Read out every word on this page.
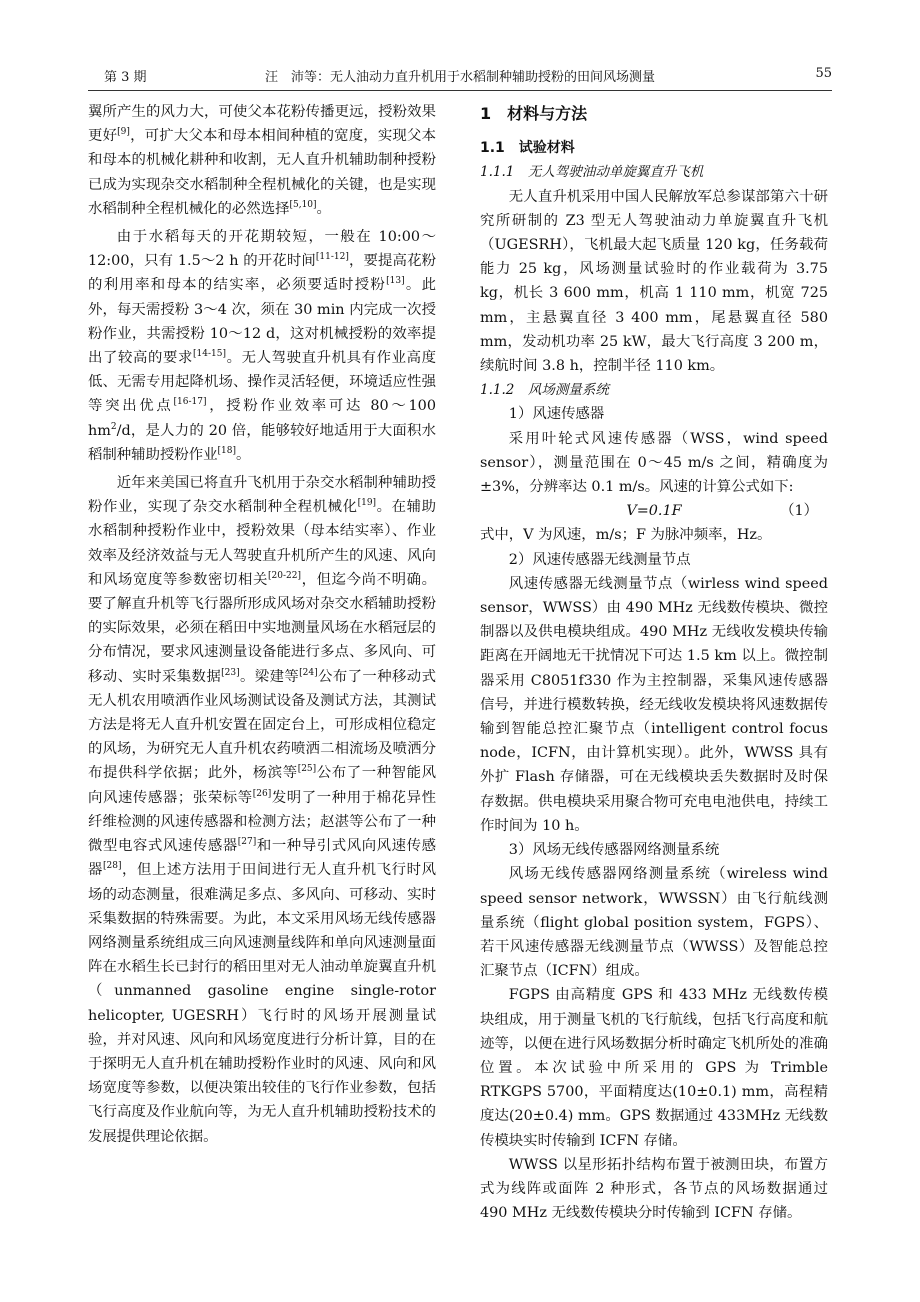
第 3 期	汪　沛等：无人油动力直升机用于水稻制种辅助授粉的田间风场测量	55

翼所产生的风力大，可使父本花粉传播更远，授粉效果更好[9]，可扩大父本和母本相间种植的宽度，实现父本和母本的机械化耕种和收割，无人直升机辅助制种授粉已成为实现杂交水稻制种全程机械化的关键，也是实现水稻制种全程机械化的必然选择[5,10]。

由于水稻每天的开花期较短，一般在 10:00～12:00，只有 1.5～2 h 的开花时间[11-12]，要提高花粉的利用率和母本的结实率，必须要适时授粉[13]。此外，每天需授粉 3～4 次，须在 30 min 内完成一次授粉作业，共需授粉 10～12 d，这对机械授粉的效率提出了较高的要求[14-15]。无人驾驶直升机具有作业高度低、无需专用起降机场、操作灵活轻便，环境适应性强等突出优点[16-17]，授粉作业效率可达 80～100 $hm^2/d$，是人力的 20 倍，能够较好地适用于大面积水稻制种辅助授粉作业[18]。

近年来美国已将直升飞机用于杂交水稻制种辅助授粉作业，实现了杂交水稻制种全程机械化[19]。在辅助水稻制种授粉作业中，授粉效果（母本结实率）、作业效率及经济效益与无人驾驶直升机所产生的风速、风向和风场宽度等参数密切相关[20-22]，但迄今尚不明确。要了解直升机等飞行器所形成风场对杂交水稻辅助授粉的实际效果，必须在稻田中实地测量风场在水稻冠层的分布情况，要求风速测量设备能进行多点、多风向、可移动、实时采集数据[23]。梁建等[24]公布了一种移动式无人机农用喷洒作业风场测试设备及测试方法，其测试方法是将无人直升机安置在固定台上，可形成相位稳定的风场，为研究无人直升机农药喷洒二相流场及喷洒分布提供科学依据；此外，杨滨等[25]公布了一种智能风向风速传感器；张荣标等[26]发明了一种用于棉花异性纤维检测的风速传感器和检测方法；赵湛等公布了一种微型电容式风速传感器[27]和一种导引式风向风速传感器[28]，但上述方法用于田间进行无人直升机飞行时风场的动态测量，很难满足多点、多风向、可移动、实时采集数据的特殊需要。为此，本文采用风场无线传感器网络测量系统组成三向风速测量线阵和单向风速测量面阵在水稻生长已封行的稻田里对无人油动单旋翼直升机（unmanned gasoline engine single-rotor helicopter, UGESRH）飞行时的风场开展测量试验，并对风速、风向和风场宽度进行分析计算，目的在于探明无人直升机在辅助授粉作业时的风速、风向和风场宽度等参数，以便决策出较佳的飞行作业参数，包括飞行高度及作业航向等，为无人直升机辅助授粉技术的发展提供理论依据。

1　材料与方法

1.1　试验材料

1.1.1　无人驾驶油动单旋翼直升飞机

无人直升机采用中国人民解放军总参谋部第六十研究所研制的 Z3 型无人驾驶油动力单旋翼直升飞机（UGESRH），飞机最大起飞质量 120 kg，任务载荷能力 25 kg，风场测量试验时的作业载荷为 3.75 kg，机长 3 600 mm，机高 1 110 mm，机宽 725 mm，主悬翼直径 3 400 mm，尾悬翼直径 580 mm，发动机功率 25 kW，最大飞行高度 3 200 m，续航时间 3.8 h，控制半径 110 km。

1.1.2　风场测量系统

1）风速传感器

采用叶轮式风速传感器（WSS，wind speed sensor），测量范围在 0～45 m/s 之间，精确度为±3%，分辨率达 0.1 m/s。风速的计算公式如下:

V=0.1F	（1）

式中，V 为风速，m/s；F 为脉冲频率，Hz。

2）风速传感器无线测量节点

风速传感器无线测量节点（wirless wind speed sensor，WWSS）由 490 MHz 无线数传模块、微控制器以及供电模块组成。490 MHz 无线收发模块传输距离在开阔地无干扰情况下可达 1.5 km 以上。微控制器采用 C8051f330 作为主控制器，采集风速传感器信号，并进行模数转换，经无线收发模块将风速数据传输到智能总控汇聚节点（intelligent control focus node，ICFN，由计算机实现）。此外，WWSS 具有外扩 Flash 存储器，可在无线模块丢失数据时及时保存数据。供电模块采用聚合物可充电电池供电，持续工作时间为 10 h。

3）风场无线传感器网络测量系统

风场无线传感器网络测量系统（wireless wind speed sensor network，WWSSN）由飞行航线测量系统（flight global position system，FGPS）、若干风速传感器无线测量节点（WWSS）及智能总控汇聚节点（ICFN）组成。

FGPS 由高精度 GPS 和 433 MHz 无线数传模块组成，用于测量飞机的飞行航线，包括飞行高度和航迹等，以便在进行风场数据分析时确定飞机所处的准确位置。本次试验中所采用的 GPS 为 Trimble RTKGPS 5700，平面精度达(10±0.1) mm，高程精度达(20±0.4) mm。GPS 数据通过 433MHz 无线数传模块实时传输到 ICFN 存储。

WWSS 以星形拓扑结构布置于被测田块，布置方式为线阵或面阵 2 种形式，各节点的风场数据通过 490 MHz 无线数传模块分时传输到 ICFN 存储。
